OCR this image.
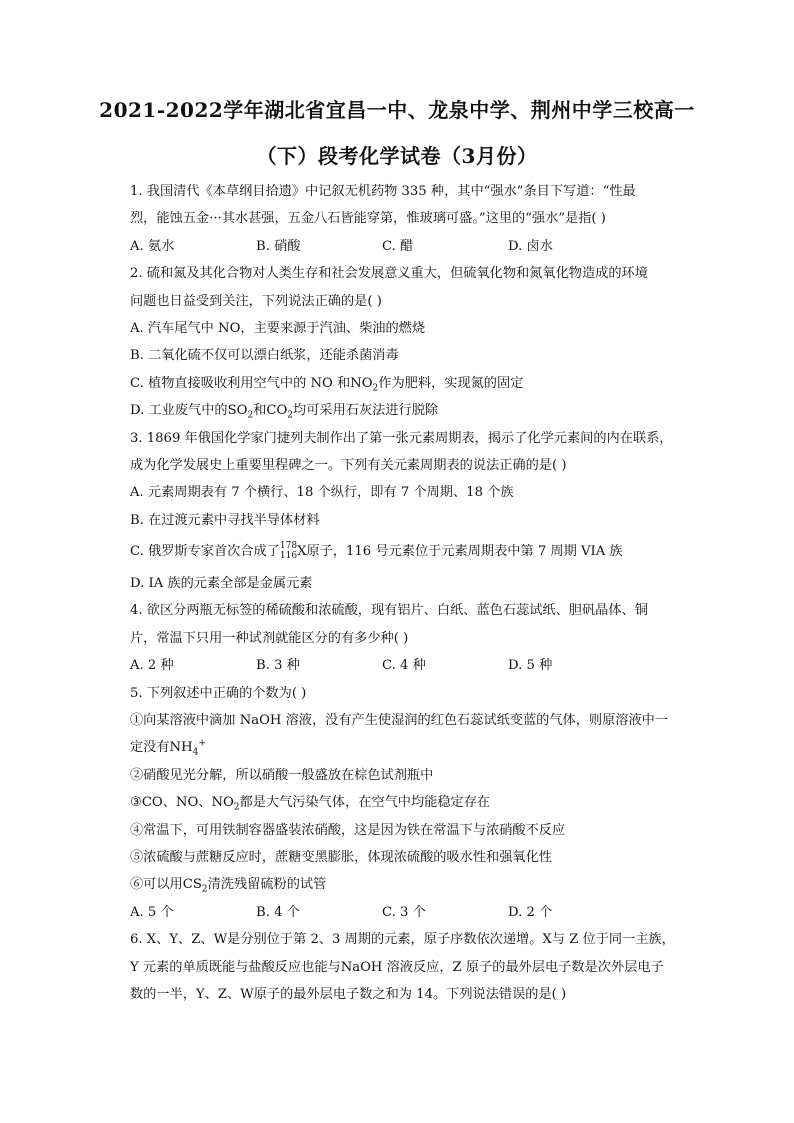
2021-2022学年湖北省宜昌一中、龙泉中学、荆州中学三校高一
（下）段考化学试卷（3月份）
1. 我国清代《本草纲目拾遗》中记叙无机药物 335 种，其中“强水”条目下写道：“性最
烈，能蚀五金···其水甚强，五金八石皆能穿第，惟玻璃可盛。”这里的“强水”是指( )
A. 氨水	B. 硝酸	C. 醋	D. 卤水
2. 硫和氮及其化合物对人类生存和社会发展意义重大，但硫氧化物和氮氧化物造成的环境
问题也日益受到关注，下列说法正确的是( )
A. 汽车尾气中 NO，主要来源于汽油、柴油的燃烧
B. 二氧化硫不仅可以漂白纸浆，还能杀菌消毒
C. 植物直接吸收利用空气中的 NO 和$NO_2$作为肥料，实现氮的固定
D. 工业废气中的$SO_2$和$CO_2$均可采用石灰法进行脱除
3. 1869 年俄国化学家门捷列夫制作出了第一张元素周期表，揭示了化学元素间的内在联系，
成为化学发展史上重要里程碑之一。下列有关元素周期表的说法正确的是( )
A. 元素周期表有 7 个横行、18 个纵行，即有 7 个周期、18 个族
B. 在过渡元素中寻找半导体材料
C. 俄罗斯专家首次合成了 178
116 X原子，116 号元素位于元素周期表中第 7 周期 VIA 族
D. IA 族的元素全部是金属元素
4. 欲区分两瓶无标签的稀硫酸和浓硫酸，现有铝片、白纸、蓝色石蕊试纸、胆矾晶体、铜
片，常温下只用一种试剂就能区分的有多少种( )
A. 2 种	B. 3 种	C. 4 种	D. 5 种
5. 下列叙述中正确的个数为( )
①向某溶液中滴加 NaOH 溶液，没有产生使湿润的红色石蕊试纸变蓝的气体，则原溶液中一
定没有$NH_4^+$
②硝酸见光分解，所以硝酸一般盛放在棕色试剂瓶中
③CO、NO、$NO_2$都是大气污染气体，在空气中均能稳定存在
④常温下，可用铁制容器盛装浓硝酸，这是因为铁在常温下与浓硝酸不反应
⑤浓硫酸与蔗糖反应时，蔗糖变黑膨胀，体现浓硫酸的吸水性和强氧化性
⑥可以用$CS_2$清洗残留硫粉的试管
A. 5 个	B. 4 个	C. 3 个	D. 2 个
6. X、Y、Z、W是分别位于第 2、3 周期的元素，原子序数依次递增。X与 Z 位于同一主族，
Y 元素的单质既能与盐酸反应也能与NaOH 溶液反应，Z 原子的最外层电子数是次外层电子
数的一半，Y、Z、W原子的最外层电子数之和为 14。下列说法错误的是( )
